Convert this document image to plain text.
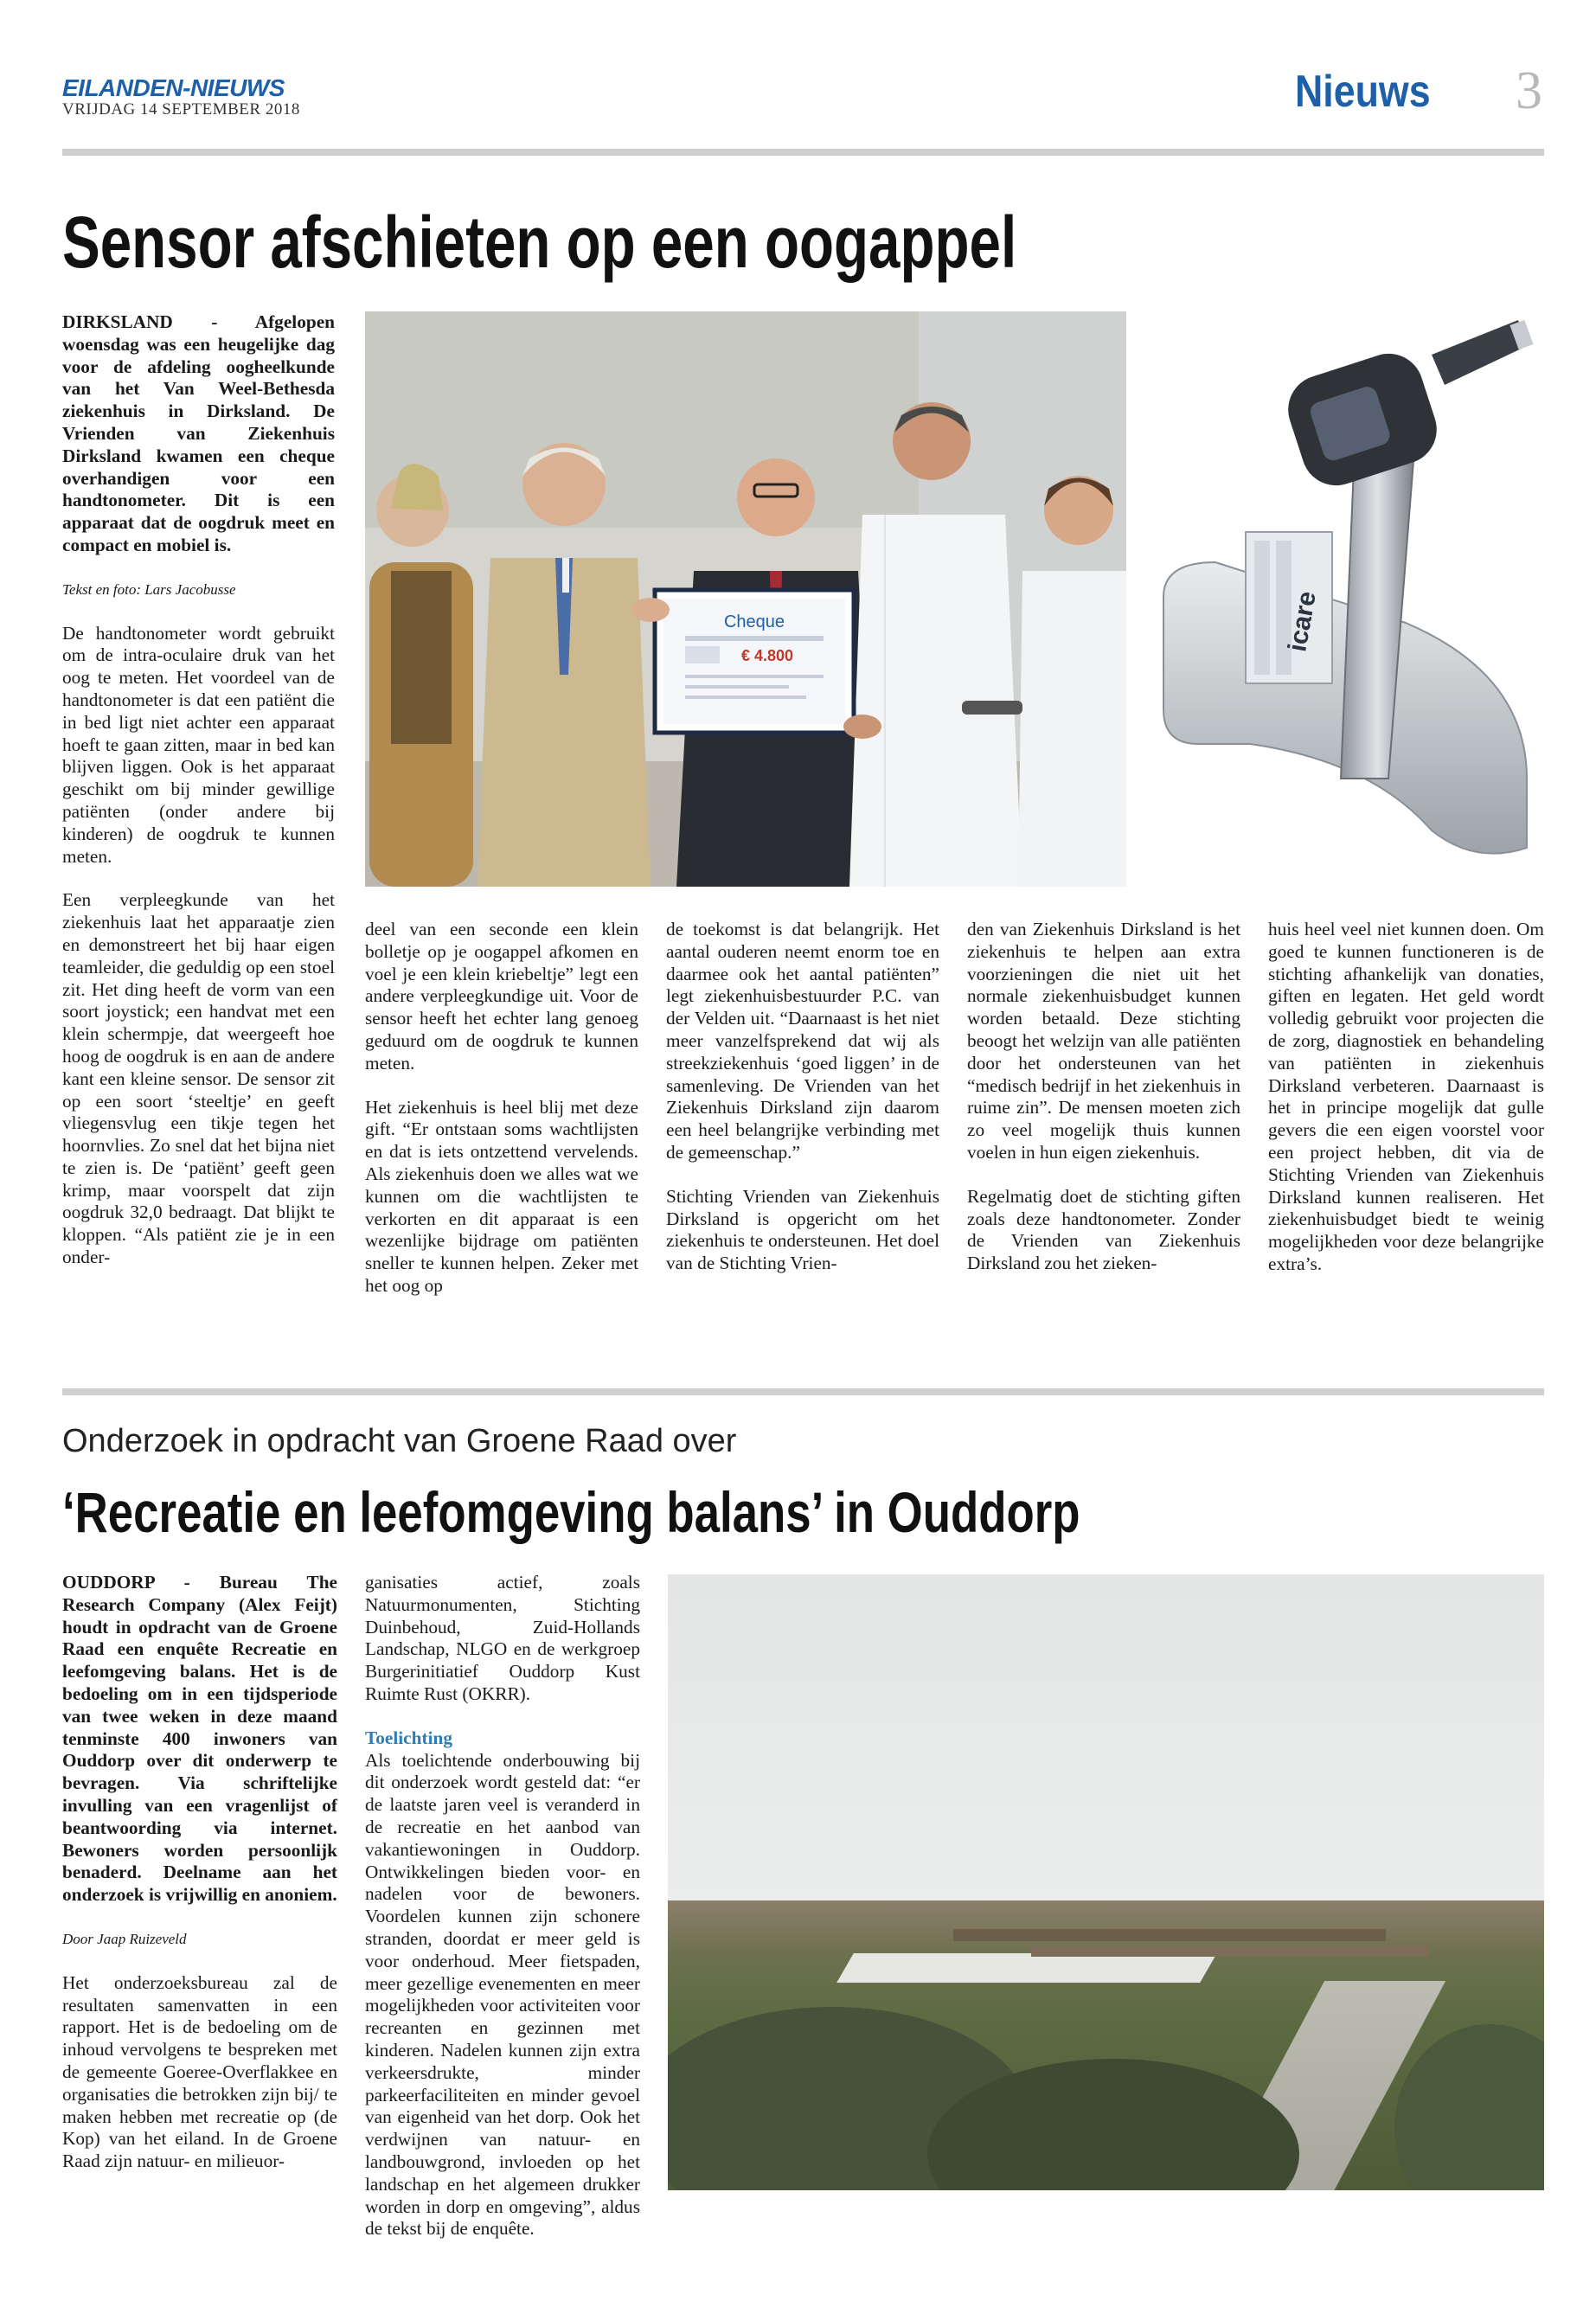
EILANDEN-NIEUWS
VRIJDAG 14 SEPTEMBER 2018	Nieuws 3
Sensor afschieten op een oogappel

DIRKSLAND - Afgelopen woensdag was een heugelijke dag voor de afdeling oogheelkunde van het Van Weel-Bethesda ziekenhuis in Dirksland. De Vrienden van Ziekenhuis Dirksland kwamen een cheque overhandigen voor een handtonometer. Dit is een apparaat dat de oogdruk meet en compact en mobiel is.

Tekst en foto: Lars Jacobusse

De handtonometer wordt gebruikt om de intra-oculaire druk van het oog te meten. Het voordeel van de handtonometer is dat een patiënt die in bed ligt niet achter een apparaat hoeft te gaan zitten, maar in bed kan blijven liggen. Ook is het apparaat geschikt om bij minder gewillige patiënten (onder andere bij kinderen) de oogdruk te kunnen meten.

Een verpleegkunde van het ziekenhuis laat het apparaatje zien en demonstreert het bij haar eigen teamleider, die geduldig op een stoel zit. Het ding heeft de vorm van een soort joystick; een handvat met een klein schermpje, dat weergeeft hoe hoog de oogdruk is en aan de andere kant een kleine sensor. De sensor zit op een soort ‘steeltje’ en geeft vliegensvlug een tikje tegen het hoornvlies. Zo snel dat het bijna niet te zien is. De ‘patiënt’ geeft geen krimp, maar voorspelt dat zijn oogdruk 32,0 bedraagt. Dat blijkt te kloppen. “Als patiënt zie je in een onder-

Cheque
€ 4.800
icare

deel van een seconde een klein bolletje op je oogappel afkomen en voel je een klein kriebeltje” legt een andere verpleegkundige uit. Voor de sensor heeft het echter lang genoeg geduurd om de oogdruk te kunnen meten.

Het ziekenhuis is heel blij met deze gift. “Er ontstaan soms wachtlijsten en dat is iets ontzettend vervelends. Als ziekenhuis doen we alles wat we kunnen om die wachtlijsten te verkorten en dit apparaat is een wezenlijke bijdrage om patiënten sneller te kunnen helpen. Zeker met het oog op

de toekomst is dat belangrijk. Het aantal ouderen neemt enorm toe en daarmee ook het aantal patiënten” legt ziekenhuisbestuurder P.C. van der Velden uit. “Daarnaast is het niet meer vanzelfsprekend dat wij als streekziekenhuis ‘goed liggen’ in de samenleving. De Vrienden van het Ziekenhuis Dirksland zijn daarom een heel belangrijke verbinding met de gemeenschap.”

Stichting Vrienden van Ziekenhuis Dirksland is opgericht om het ziekenhuis te ondersteunen. Het doel van de Stichting Vrien-

den van Ziekenhuis Dirksland is het ziekenhuis te helpen aan extra voorzieningen die niet uit het normale ziekenhuisbudget kunnen worden betaald. Deze stichting beoogt het welzijn van alle patiënten door het ondersteunen van het “medisch bedrijf in het ziekenhuis in ruime zin”. De mensen moeten zich zo veel mogelijk thuis kunnen voelen in hun eigen ziekenhuis.

Regelmatig doet de stichting giften zoals deze handtonometer. Zonder de Vrienden van Ziekenhuis Dirksland zou het zieken-

huis heel veel niet kunnen doen. Om goed te kunnen functioneren is de stichting afhankelijk van donaties, giften en legaten. Het geld wordt volledig gebruikt voor projecten die de zorg, diagnostiek en behandeling van patiënten in ziekenhuis Dirksland verbeteren. Daarnaast is het in principe mogelijk dat gulle gevers die een eigen voorstel voor een project hebben, dit via de Stichting Vrienden van Ziekenhuis Dirksland kunnen realiseren. Het ziekenhuisbudget biedt te weinig mogelijkheden voor deze belangrijke extra’s.

Onderzoek in opdracht van Groene Raad over
‘Recreatie en leefomgeving balans’ in Ouddorp

OUDDORP - Bureau The Research Company (Alex Feijt) houdt in opdracht van de Groene Raad een enquête Recreatie en leefomgeving balans. Het is de bedoeling om in een tijdsperiode van twee weken in deze maand tenminste 400 inwoners van Ouddorp over dit onderwerp te bevragen. Via schriftelijke invulling van een vragenlijst of beantwoording via internet. Bewoners worden persoonlijk benaderd. Deelname aan het onderzoek is vrijwillig en anoniem.

Door Jaap Ruizeveld

Het onderzoeksbureau zal de resultaten samenvatten in een rapport. Het is de bedoeling om de inhoud vervolgens te bespreken met de gemeente Goeree-Overflakkee en organisaties die betrokken zijn bij/ te maken hebben met recreatie op (de Kop) van het eiland. In de Groene Raad zijn natuur- en milieuor-

ganisaties actief, zoals Natuurmonumenten, Stichting Duinbehoud, Zuid-Hollands Landschap, NLGO en de werkgroep Burgerinitiatief Ouddorp Kust Ruimte Rust (OKRR).

Toelichting

Als toelichtende onderbouwing bij dit onderzoek wordt gesteld dat: “er de laatste jaren veel is veranderd in de recreatie en het aanbod van vakantiewoningen in Ouddorp. Ontwikkelingen bieden voor- en nadelen voor de bewoners. Voordelen kunnen zijn schonere stranden, doordat er meer geld is voor onderhoud. Meer fietspaden, meer gezellige evenementen en meer mogelijkheden voor activiteiten voor recreanten en gezinnen met kinderen. Nadelen kunnen zijn extra verkeersdrukte, minder parkeerfaciliteiten en minder gevoel van eigenheid van het dorp. Ook het verdwijnen van natuur- en landbouwgrond, invloeden op het landschap en het algemeen drukker worden in dorp en omgeving”, aldus de tekst bij de enquête.
